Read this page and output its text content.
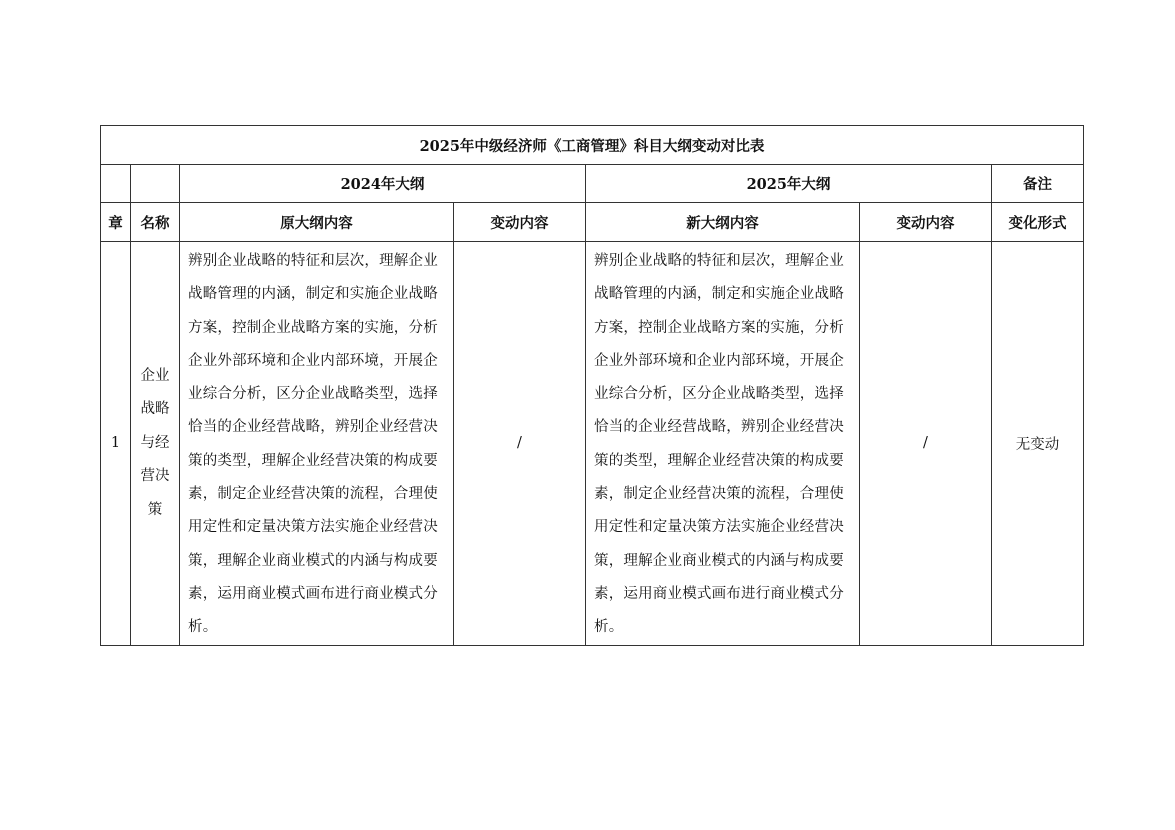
2025年中级经济师《工商管理》科目大纲变动对比表						
		2024年大纲		2025年大纲		备注
章	名称	原大纲内容	变动内容	新大纲内容	变动内容	变化形式
1	企业
战略
与经
营决
策	辨别企业战略的特征和层次，理解企业战略管理的内涵，制定和实施企业战略方案，控制企业战略方案的实施，分析企业外部环境和企业内部环境，开展企业综合分析，区分企业战略类型，选择恰当的企业经营战略，辨别企业经营决策的类型，理解企业经营决策的构成要素，制定企业经营决策的流程，合理使用定性和定量决策方法实施企业经营决策，理解企业商业模式的内涵与构成要素，运用商业模式画布进行商业模式分析。	/	辨别企业战略的特征和层次，理解企业战略管理的内涵，制定和实施企业战略方案，控制企业战略方案的实施，分析企业外部环境和企业内部环境，开展企业综合分析，区分企业战略类型，选择恰当的企业经营战略，辨别企业经营决策的类型，理解企业经营决策的构成要素，制定企业经营决策的流程，合理使用定性和定量决策方法实施企业经营决策，理解企业商业模式的内涵与构成要素，运用商业模式画布进行商业模式分析。	/	无变动
